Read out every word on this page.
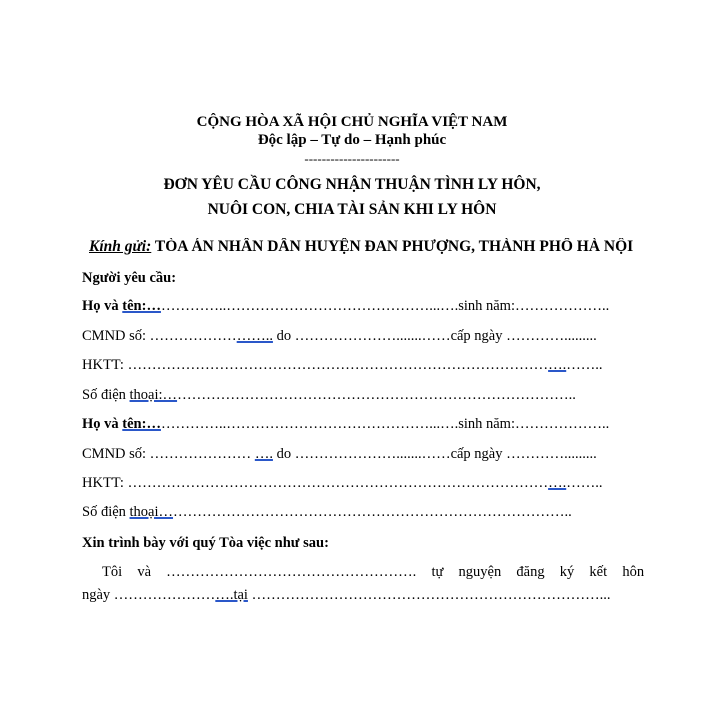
CỘNG HÒA XÃ HỘI CHỦ NGHĨA VIỆT NAM
Độc lập – Tự do – Hạnh phúc
----------------------
ĐƠN YÊU CẦU CÔNG NHẬN THUẬN TÌNH LY HÔN,
NUÔI CON, CHIA TÀI SẢN KHI LY HÔN
Kính gửi: TÒA ÁN NHÂN DÂN HUYỆN ĐAN PHƯỢNG, THÀNH PHỐ HÀ NỘI
Người yêu cầu:
Họ và tên:……………..……………………………………...….sinh năm:………………..
CMND số: …………………….. do ………………….......……cấp ngày ………….........
HKTT: ……………………………………………………………………………….……..
Số điện thoại:…………………………………………………………………………..
Họ và tên:……………..……………………………………...….sinh năm:………………..
CMND số: ………………… …. do ………………….......……cấp ngày ………….........
HKTT: ……………………………………………………………………………….……..
Số điện thoại…………………………………………………………………………..
Xin trình bày với quý Tòa việc như sau:
Tôi và ……………………………………………. tự nguyện đăng ký kết hôn
ngày …………………….tại ………………………………………………………………...
